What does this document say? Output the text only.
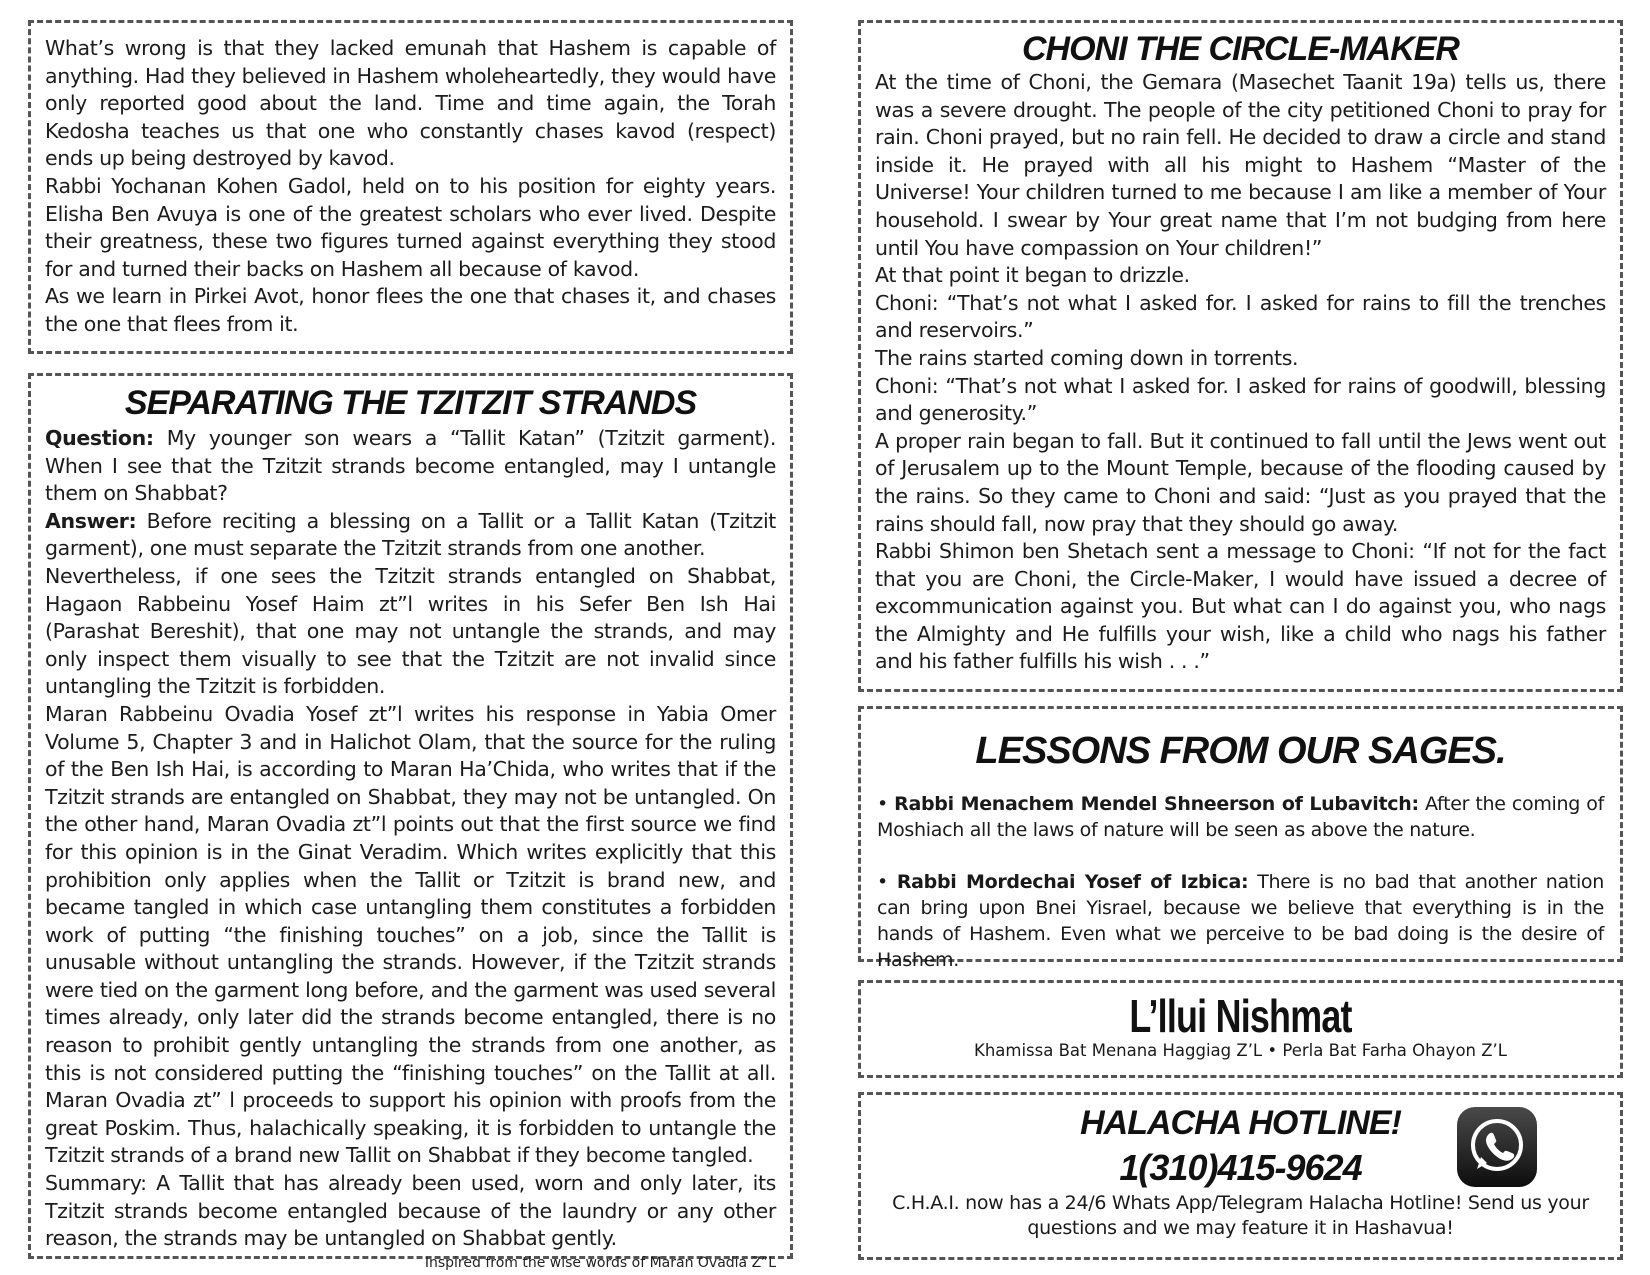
What’s wrong is that they lacked emunah that Hashem is capable of anything. Had they believed in Hashem wholeheartedly, they would have only reported good about the land. Time and time again, the Torah Kedosha teaches us that one who constantly chases kavod (respect) ends up being destroyed by kavod.

Rabbi Yochanan Kohen Gadol, held on to his position for eighty years. Elisha Ben Avuya is one of the greatest scholars who ever lived. Despite their greatness, these two figures turned against everything they stood for and turned their backs on Hashem all because of kavod.

As we learn in Pirkei Avot, honor flees the one that chases it, and chases the one that flees from it.

SEPARATING THE TZITZIT STRANDS

Question: My younger son wears a “Tallit Katan” (Tzitzit garment). When I see that the Tzitzit strands become entangled, may I untangle them on Shabbat?

Answer: Before reciting a blessing on a Tallit or a Tallit Katan (Tzitzit garment), one must separate the Tzitzit strands from one another.

Nevertheless, if one sees the Tzitzit strands entangled on Shabbat, Hagaon Rabbeinu Yosef Haim zt”l writes in his Sefer Ben Ish Hai (Parashat Bereshit), that one may not untangle the strands, and may only inspect them visually to see that the Tzitzit are not invalid since untangling the Tzitzit is forbidden.

Maran Rabbeinu Ovadia Yosef zt”l writes his response in Yabia Omer Volume 5, Chapter 3 and in Halichot Olam, that the source for the ruling of the Ben Ish Hai, is according to Maran Ha’Chida, who writes that if the Tzitzit strands are entangled on Shabbat, they may not be untangled. On the other hand, Maran Ovadia zt”l points out that the first source we find for this opinion is in the Ginat Veradim. Which writes explicitly that this prohibition only applies when the Tallit or Tzitzit is brand new, and became tangled in which case untangling them constitutes a forbidden work of putting “the finishing touches” on a job, since the Tallit is unusable without untangling the strands. However, if the Tzitzit strands were tied on the garment long before, and the garment was used several times already, only later did the strands become entangled, there is no reason to prohibit gently untangling the strands from one another, as this is not considered putting the “finishing touches” on the Tallit at all. Maran Ovadia zt” l proceeds to support his opinion with proofs from the great Poskim. Thus, halachically speaking, it is forbidden to untangle the Tzitzit strands of a brand new Tallit on Shabbat if they become tangled.

Summary: A Tallit that has already been used, worn and only later, its Tzitzit strands become entangled because of the laundry or any other reason, the strands may be untangled on Shabbat gently.

Inspired from the wise words of Maran Ovadia Z”L
CHONI THE CIRCLE-MAKER

At the time of Choni, the Gemara (Masechet Taanit 19a) tells us, there was a severe drought. The people of the city petitioned Choni to pray for rain. Choni prayed, but no rain fell. He decided to draw a circle and stand inside it. He prayed with all his might to Hashem “Master of the Universe! Your children turned to me because I am like a member of Your household. I swear by Your great name that I’m not budging from here until You have compassion on Your children!”

At that point it began to drizzle.

Choni: “That’s not what I asked for. I asked for rains to fill the trenches and reservoirs.”

The rains started coming down in torrents.

Choni: “That’s not what I asked for. I asked for rains of goodwill, blessing and generosity.”

A proper rain began to fall. But it continued to fall until the Jews went out of Jerusalem up to the Mount Temple, because of the flooding caused by the rains. So they came to Choni and said: “Just as you prayed that the rains should fall, now pray that they should go away.

Rabbi Shimon ben Shetach sent a message to Choni: “If not for the fact that you are Choni, the Circle-Maker, I would have issued a decree of excommunication against you. But what can I do against you, who nags the Almighty and He fulfills your wish, like a child who nags his father and his father fulfills his wish . . .”

LESSONS FROM OUR SAGES.
• Rabbi Menachem Mendel Shneerson of Lubavitch: After the coming of Moshiach all the laws of nature will be seen as above the nature.
• Rabbi Mordechai Yosef of Izbica: There is no bad that another nation can bring upon Bnei Yisrael, because we believe that everything is in the hands of Hashem. Even what we perceive to be bad doing is the desire of Hashem.
L’llui Nishmat
Khamissa Bat Menana Haggiag Z’L • Perla Bat Farha Ohayon Z’L
HALACHA HOTLINE!
1(310)415-9624
C.H.A.I. now has a 24/6 Whats App/Telegram Halacha Hotline! Send us your questions and we may feature it in Hashavua!
